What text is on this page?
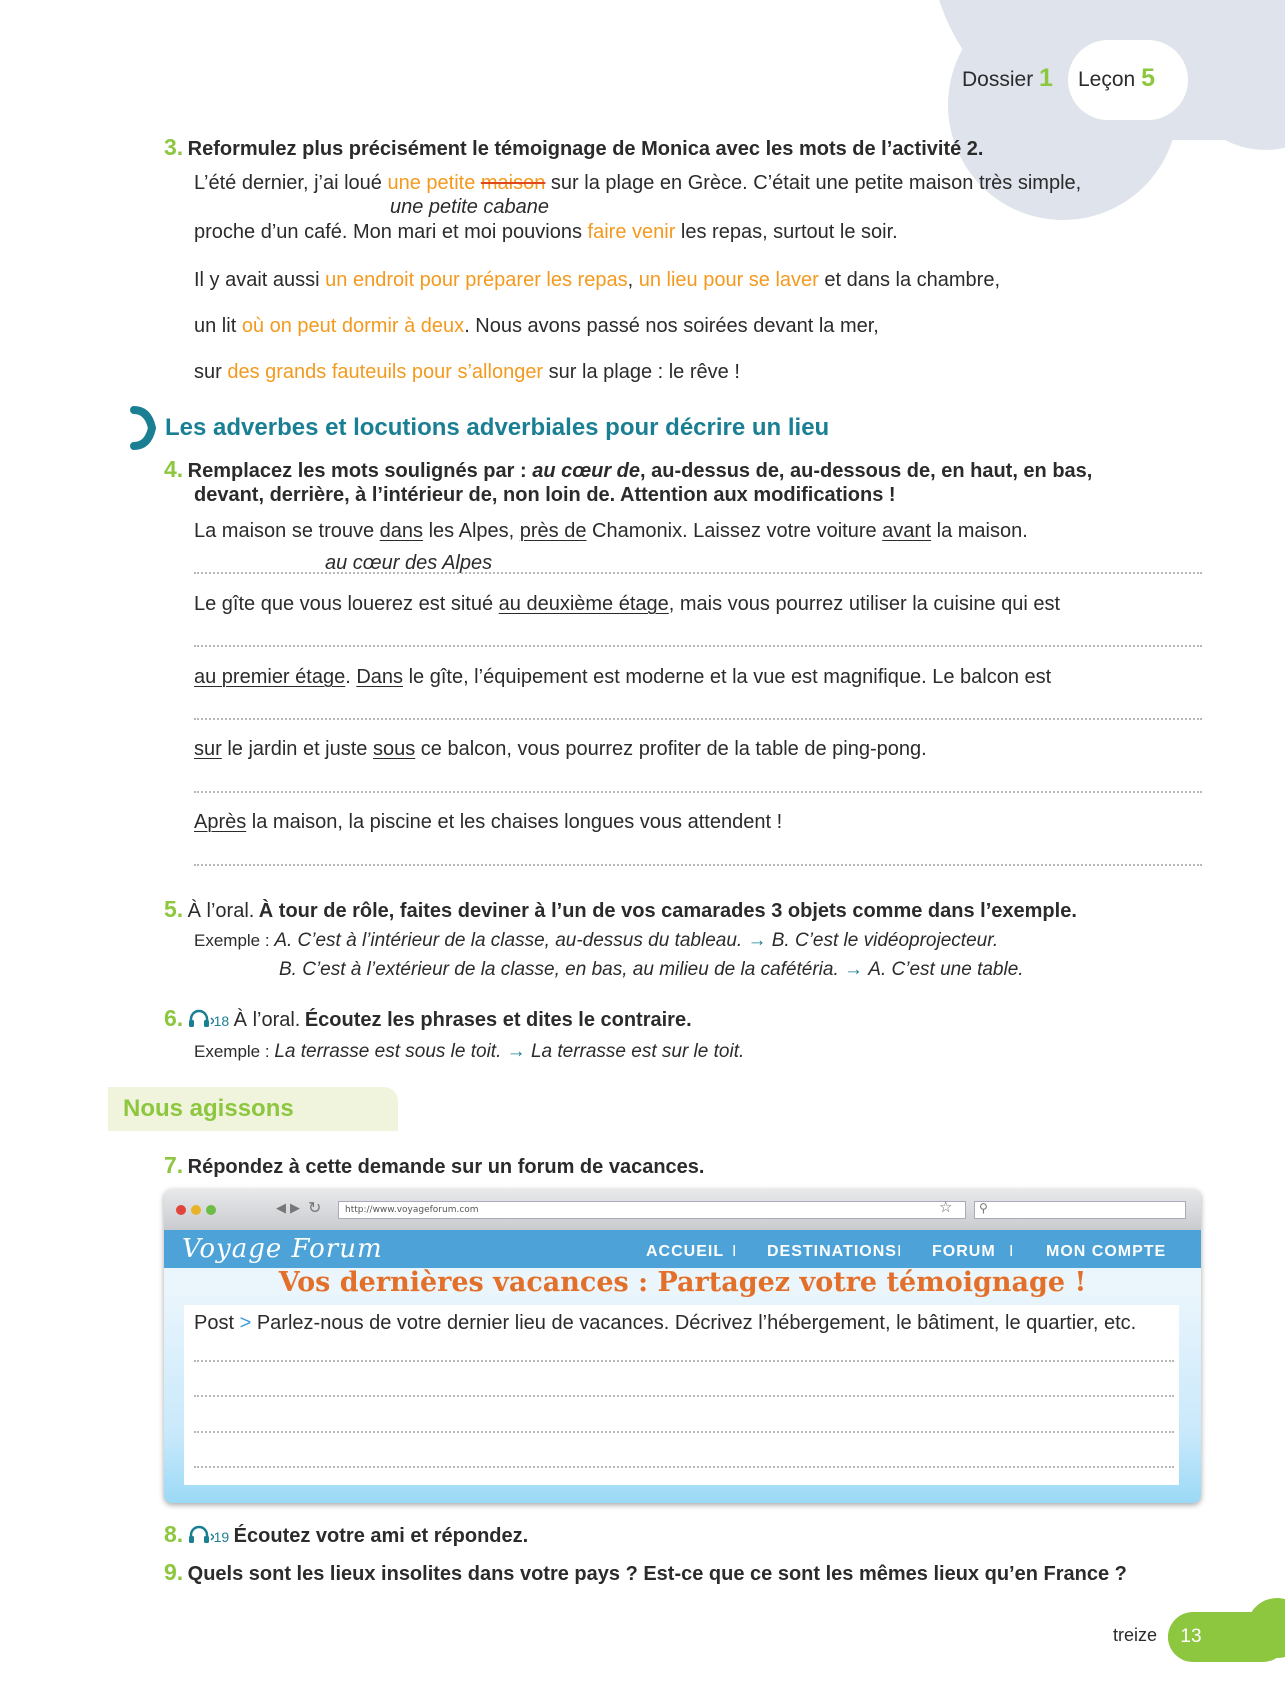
Dossier 1 Leçon 5
3. Reformulez plus précisément le témoignage de Monica avec les mots de l’activité 2.
L’été dernier, j’ai loué une petite maison sur la plage en Grèce. C’était une petite maison très simple,
une petite cabane
proche d’un café. Mon mari et moi pouvions faire venir les repas, surtout le soir.
Il y avait aussi un endroit pour préparer les repas, un lieu pour se laver et dans la chambre,
un lit où on peut dormir à deux. Nous avons passé nos soirées devant la mer,
sur des grands fauteuils pour s’allonger sur la plage : le rêve !
Les adverbes et locutions adverbiales pour décrire un lieu
4. Remplacez les mots soulignés par : au cœur de, au-dessus de, au-dessous de, en haut, en bas,
devant, derrière, à l’intérieur de, non loin de. Attention aux modifications !
La maison se trouve dans les Alpes, près de Chamonix. Laissez votre voiture avant la maison.
au cœur des Alpes
Le gîte que vous louerez est situé au deuxième étage, mais vous pourrez utiliser la cuisine qui est
au premier étage. Dans le gîte, l’équipement est moderne et la vue est magnifique. Le balcon est
sur le jardin et juste sous ce balcon, vous pourrez profiter de la table de ping-pong.
Après la maison, la piscine et les chaises longues vous attendent !
5. À l’oral. À tour de rôle, faites deviner à l’un de vos camarades 3 objets comme dans l’exemple.
Exemple : A. C’est à l’intérieur de la classe, au-dessus du tableau. → B. C’est le vidéoprojecteur.
B. C’est à l’extérieur de la classe, en bas, au milieu de la cafétéria. → A. C’est une table.
6. 18 À l’oral. Écoutez les phrases et dites le contraire.
Exemple : La terrasse est sous le toit. → La terrasse est sur le toit.
Nous agissons
7. Répondez à cette demande sur un forum de vacances.
◀ ▶ ↻	http://www.voyageforum.com	☆ ⚲
Voyage Forum	ACCUEIL I DESTINATIONS I FORUM I MON COMPTE
Vos dernières vacances : Partagez votre témoignage !
Post > Parlez-nous de votre dernier lieu de vacances. Décrivez l’hébergement, le bâtiment, le quartier, etc.
8. 19 Écoutez votre ami et répondez.
9. Quels sont les lieux insolites dans votre pays ? Est-ce que ce sont les mêmes lieux qu’en France ?
treize	13
